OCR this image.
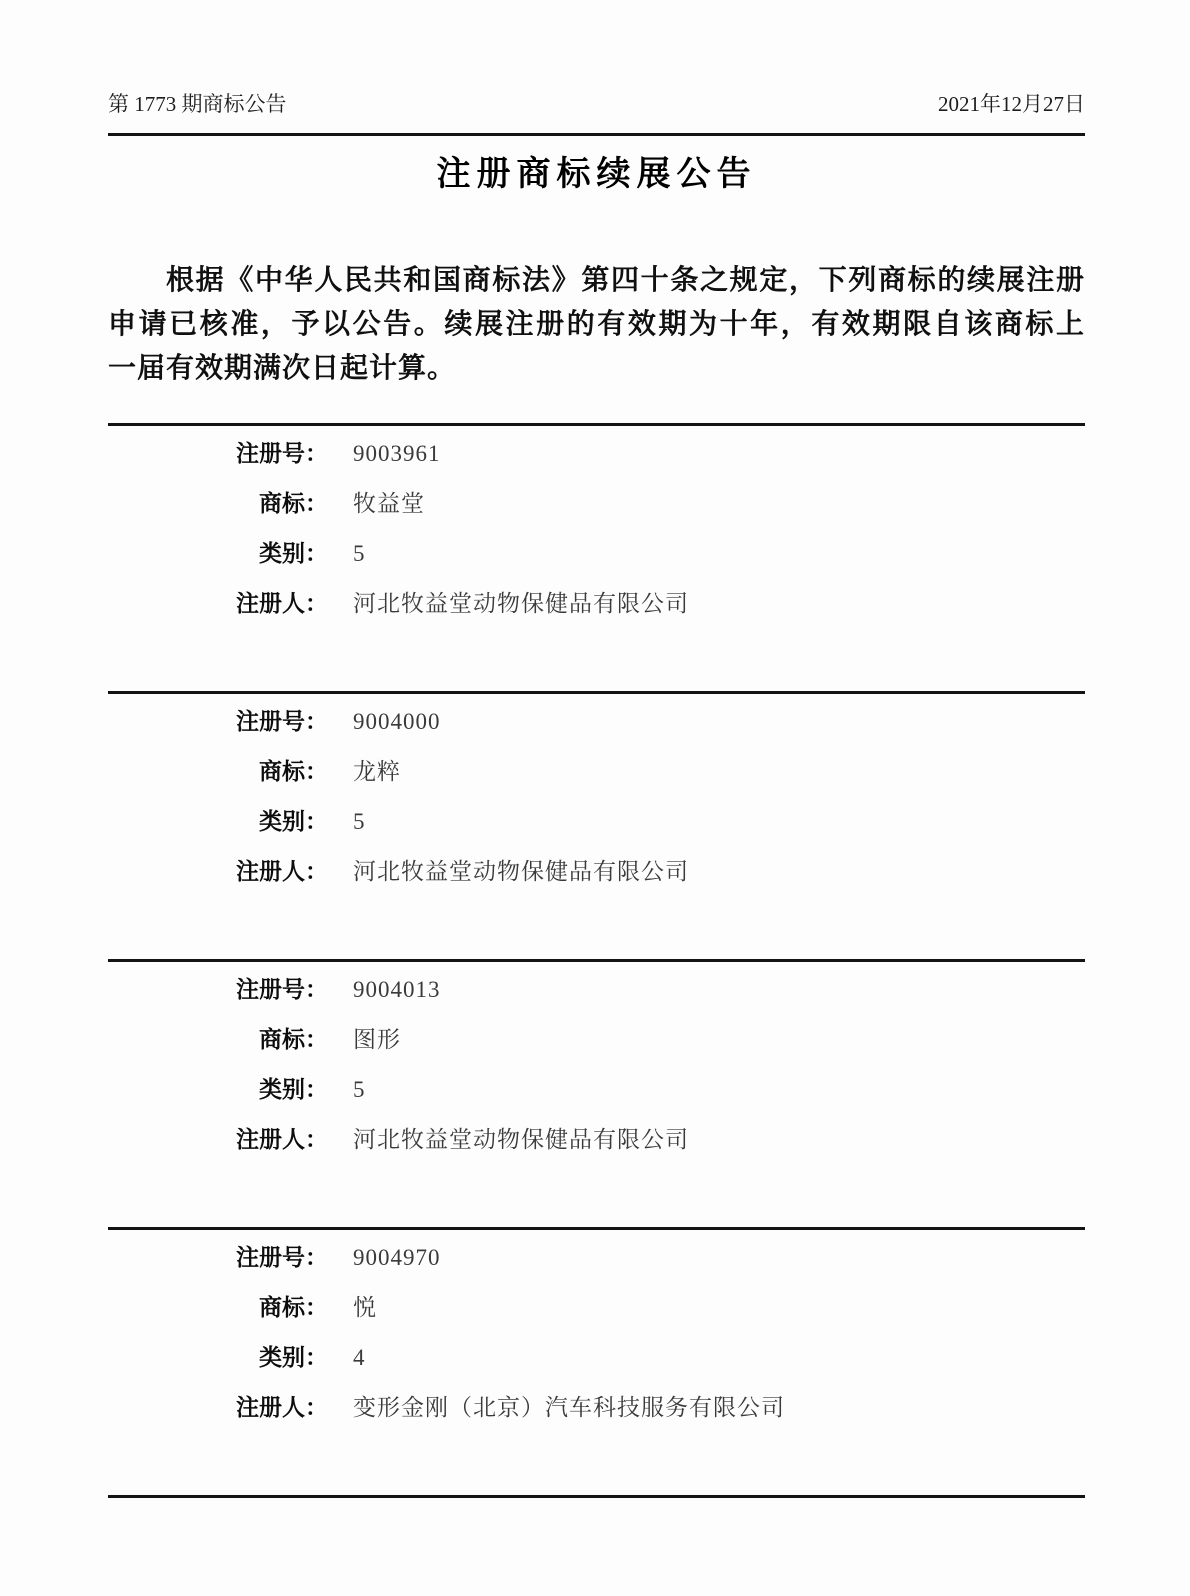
第 1773 期商标公告	2021年12月27日
注册商标续展公告
根据《中华人民共和国商标法》第四十条之规定，下列商标的续展注册
申请已核准，予以公告。续展注册的有效期为十年，有效期限自该商标上
一届有效期满次日起计算。
注册号： 9003961
商标： 牧益堂
类别： 5
注册人： 河北牧益堂动物保健品有限公司
注册号： 9004000
商标： 龙粹
类别： 5
注册人： 河北牧益堂动物保健品有限公司
注册号： 9004013
商标： 图形
类别： 5
注册人： 河北牧益堂动物保健品有限公司
注册号： 9004970
商标： 悦
类别： 4
注册人： 变形金刚（北京）汽车科技服务有限公司
